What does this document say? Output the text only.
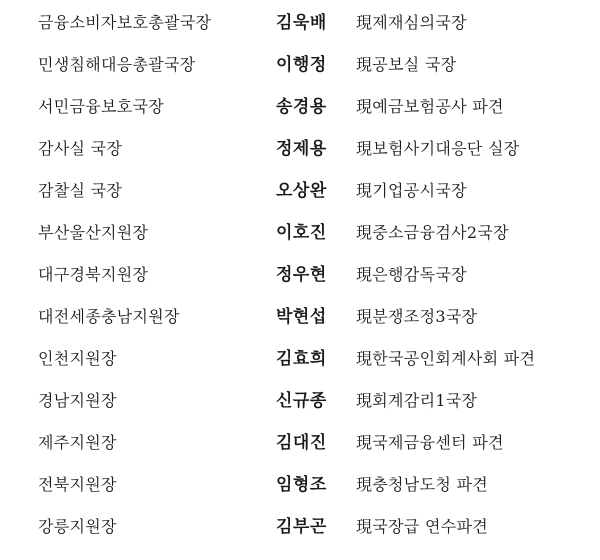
금융소비자보호총괄국장	김욱배 現제재심의국장
민생침해대응총괄국장	이행정 現공보실 국장
서민금융보호국장	송경용 現예금보험공사 파견
감사실 국장	정제용 現보험사기대응단 실장
감찰실 국장	오상완 現기업공시국장
부산울산지원장	이호진 現중소금융검사2국장
대구경북지원장	정우현 現은행감독국장
대전세종충남지원장	박현섭 現분쟁조정3국장
인천지원장	김효희 現한국공인회계사회 파견
경남지원장	신규종 現회계감리1국장
제주지원장	김대진 現국제금융센터 파견
전북지원장	임형조 現충청남도청 파견
강릉지원장	김부곤 現국장급 연수파견
